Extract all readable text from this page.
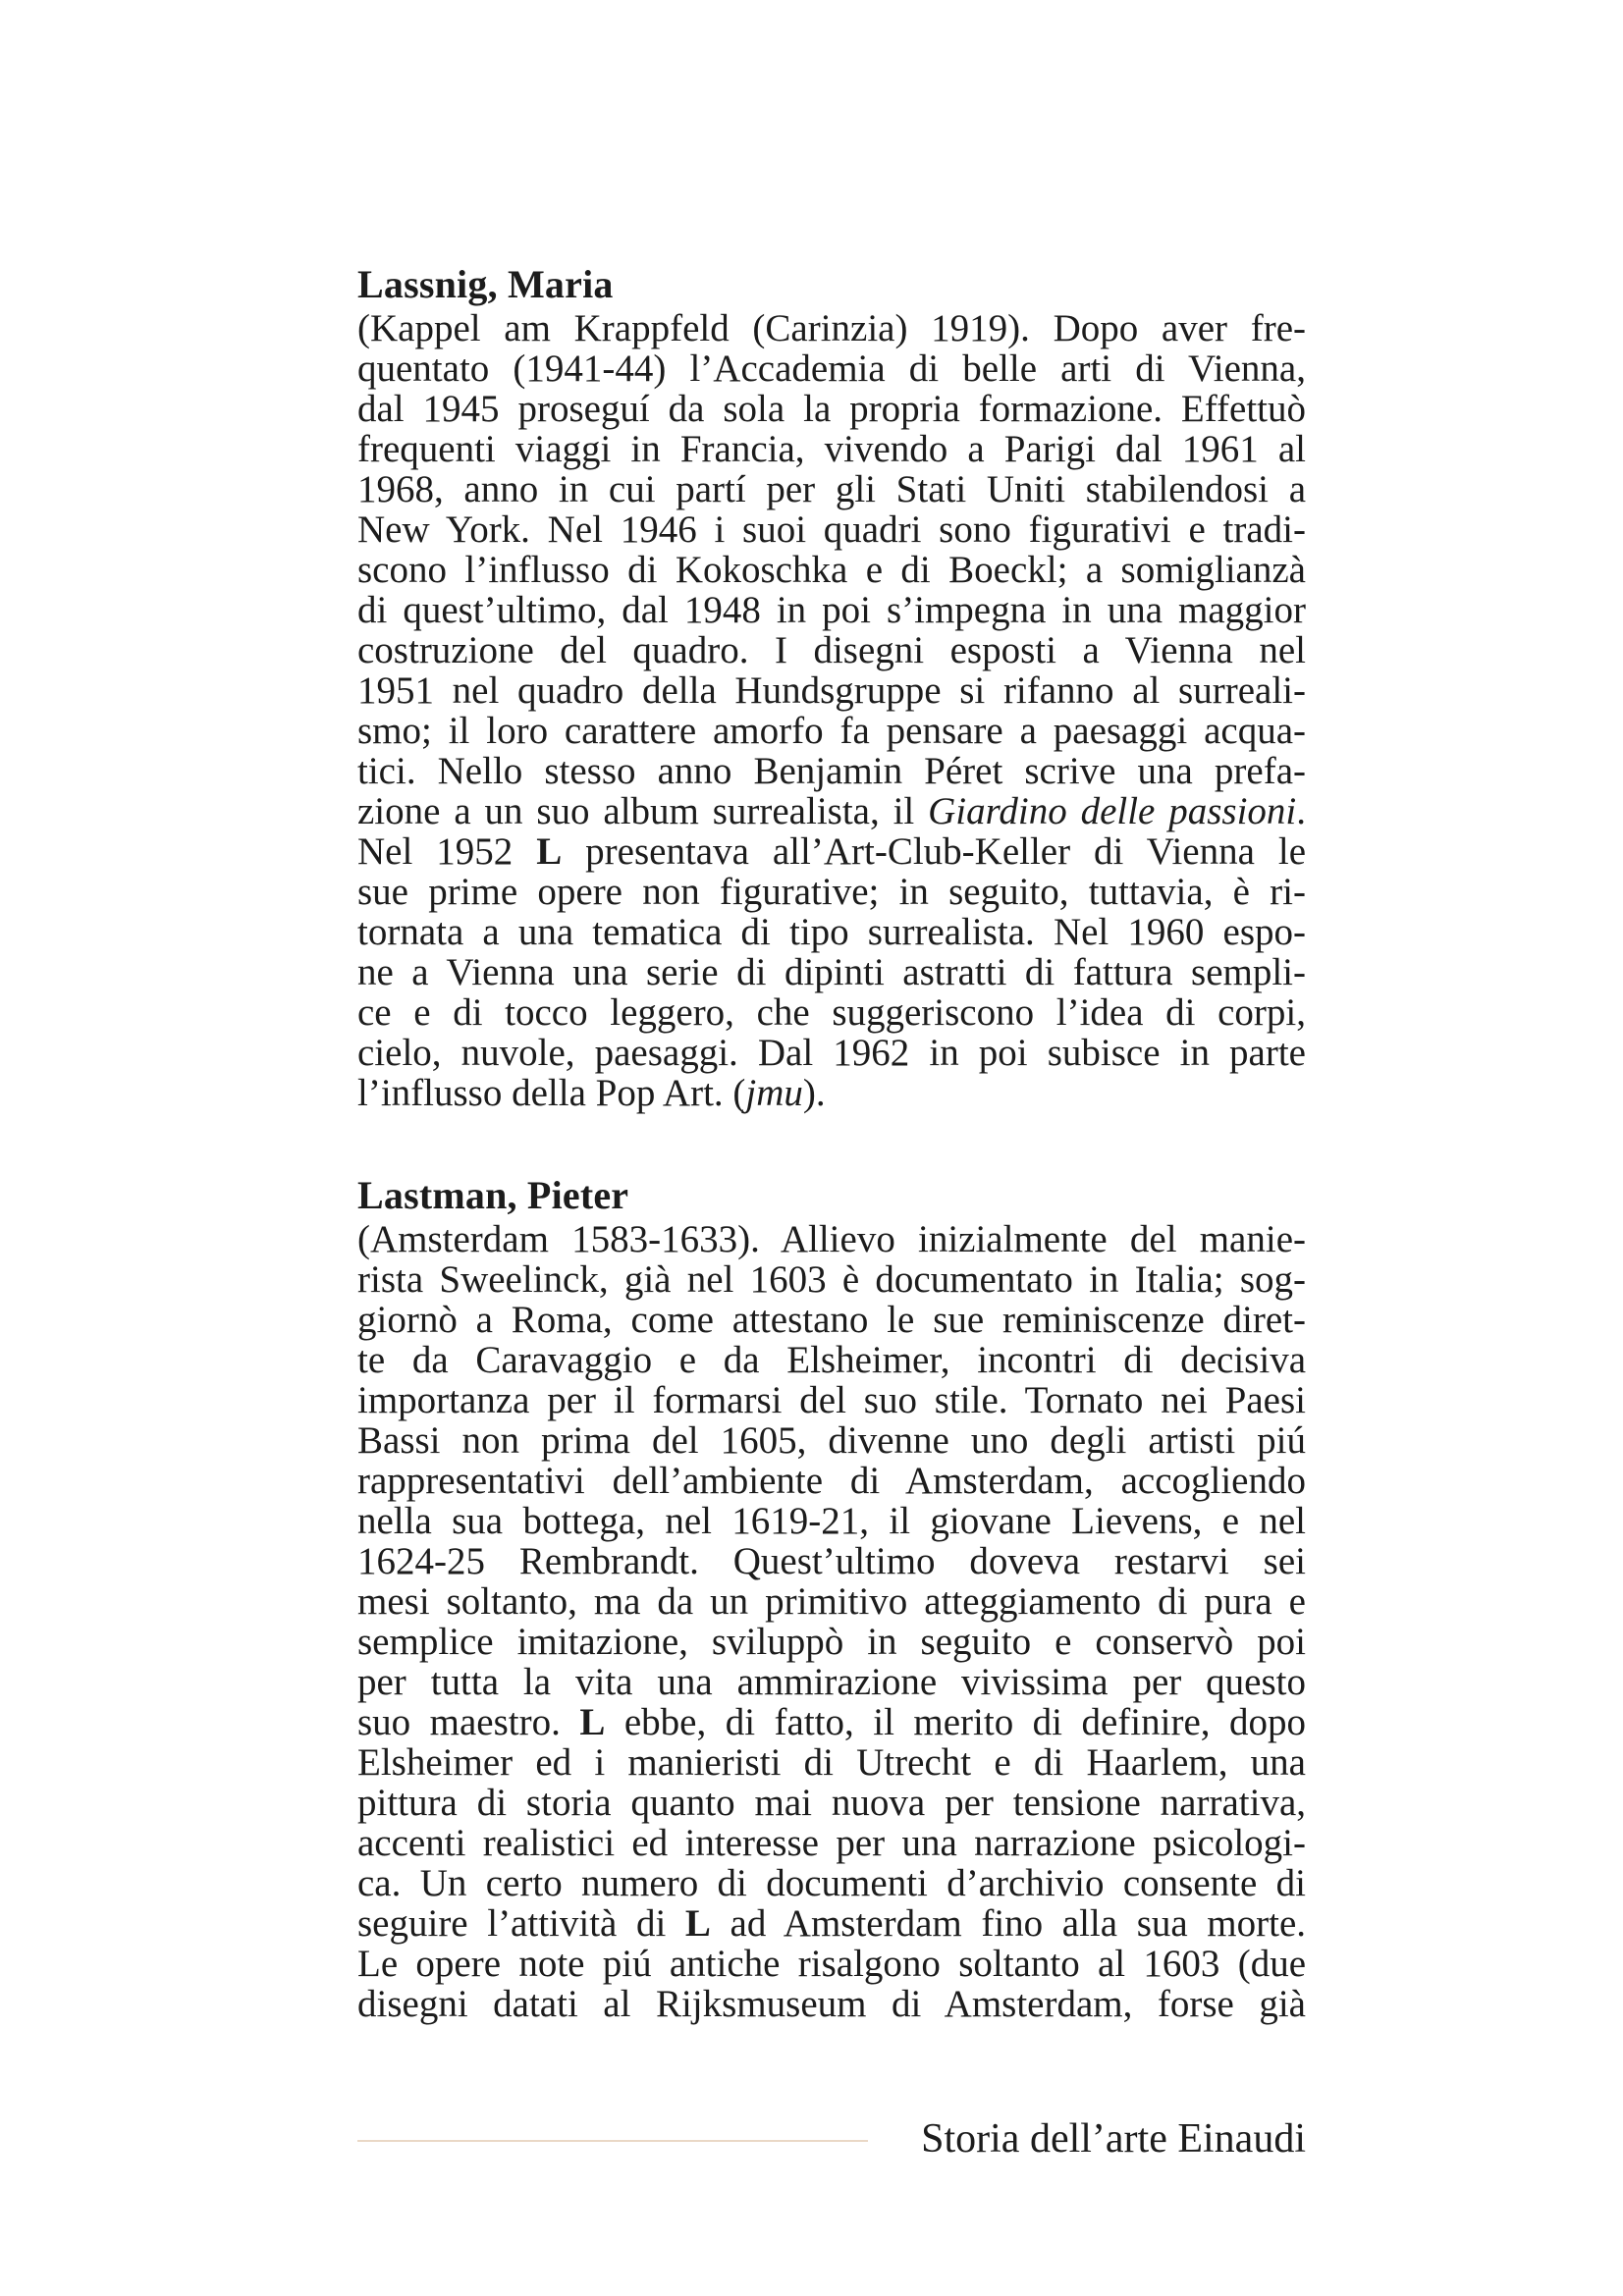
Lassnig, Maria

(Kappel am Krappfeld (Carinzia) 1919). Dopo aver fre-
quentato (1941-44) l’Accademia di belle arti di Vienna,
dal 1945 proseguí da sola la propria formazione. Effettuò
frequenti viaggi in Francia, vivendo a Parigi dal 1961 al
1968, anno in cui partí per gli Stati Uniti stabilendosi a
New York. Nel 1946 i suoi quadri sono figurativi e tradi-
scono l’influsso di Kokoschka e di Boeckl; a somiglianzà
di quest’ultimo, dal 1948 in poi s’impegna in una maggior
costruzione del quadro. I disegni esposti a Vienna nel
1951 nel quadro della Hundsgruppe si rifanno al surreali-
smo; il loro carattere amorfo fa pensare a paesaggi acqua-
tici. Nello stesso anno Benjamin Péret scrive una prefa-
zione a un suo album surrealista, il Giardino delle passioni.
Nel 1952 L presentava all’Art-Club-Keller di Vienna le
sue prime opere non figurative; in seguito, tuttavia, è ri-
tornata a una tematica di tipo surrealista. Nel 1960 espo-
ne a Vienna una serie di dipinti astratti di fattura sempli-
ce e di tocco leggero, che suggeriscono l’idea di corpi,
cielo, nuvole, paesaggi. Dal 1962 in poi subisce in parte
l’influsso della Pop Art. (jmu).

Lastman, Pieter

(Amsterdam 1583-1633). Allievo inizialmente del manie-
rista Sweelinck, già nel 1603 è documentato in Italia; sog-
giornò a Roma, come attestano le sue reminiscenze diret-
te da Caravaggio e da Elsheimer, incontri di decisiva
importanza per il formarsi del suo stile. Tornato nei Paesi
Bassi non prima del 1605, divenne uno degli artisti piú
rappresentativi dell’ambiente di Amsterdam, accogliendo
nella sua bottega, nel 1619-21, il giovane Lievens, e nel
1624-25 Rembrandt. Quest’ultimo doveva restarvi sei
mesi soltanto, ma da un primitivo atteggiamento di pura e
semplice imitazione, sviluppò in seguito e conservò poi
per tutta la vita una ammirazione vivissima per questo
suo maestro. L ebbe, di fatto, il merito di definire, dopo
Elsheimer ed i manieristi di Utrecht e di Haarlem, una
pittura di storia quanto mai nuova per tensione narrativa,
accenti realistici ed interesse per una narrazione psicologi-
ca. Un certo numero di documenti d’archivio consente di
seguire l’attività di L ad Amsterdam fino alla sua morte.
Le opere note piú antiche risalgono soltanto al 1603 (due
disegni datati al Rijksmuseum di Amsterdam, forse già

Storia dell’arte Einaudi
